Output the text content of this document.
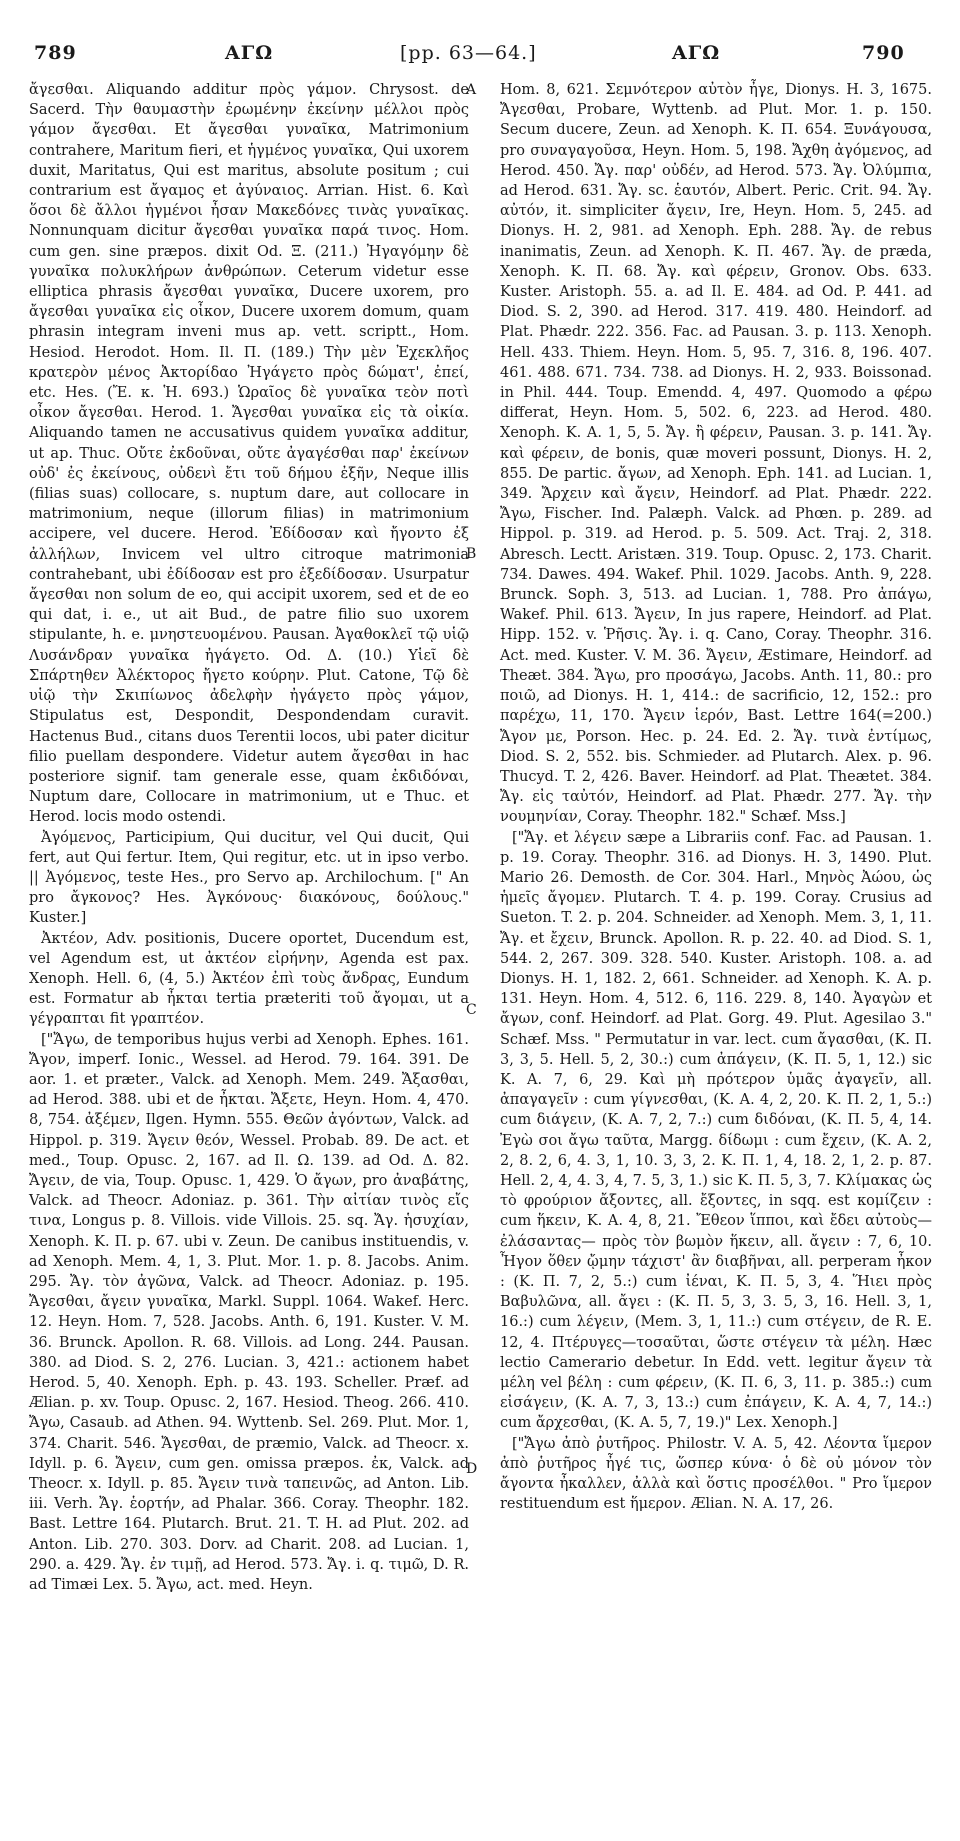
789	ΑΓΩ	[pp. 63—64.]	ΑΓΩ	790
A
B
C
D

ἄγεσθαι. Aliquando additur πρὸς γάμον. Chrysost. de Sacerd. Τὴν θαυμαστὴν ἐρωμένην ἐκείνην μέλλοι πρὸς γάμον ἄγεσθαι. Et ἄγεσθαι γυναῖκα, Matrimonium contrahere, Maritum fieri, et ἡγμένος γυναῖκα, Qui uxorem duxit, Maritatus, Qui est maritus, absolute positum ; cui contrarium est ἄγαμος et ἀγύναιος. Arrian. Hist. 6. Καὶ ὅσοι δὲ ἄλλοι ἠγμένοι ἦσαν Μακεδόνες τινὰς γυναῖκας. Nonnunquam dicitur ἄγεσθαι γυναῖκα παρά τινος. Hom. cum gen. sine præpos. dixit Od. Ξ. (211.) Ἠγαγόμην δὲ γυναῖκα πολυκλήρων ἀνθρώπων. Ceterum videtur esse elliptica phrasis ἄγεσθαι γυναῖκα, Ducere uxorem, pro ἄγεσθαι γυναῖκα εἰς οἶκον, Ducere uxorem domum, quam phrasin integram inveni mus ap. vett. scriptt., Hom. Hesiod. Herodot. Hom. Il. Π. (189.) Τὴν μὲν Ἐχεκλῆος κρατερὸν μένος Ἀκτορίδαο Ἠγάγετο πρὸς δώματ', ἐπεί, etc. Hes. (Ἔ. κ. Ἡ. 693.) Ὡραῖος δὲ γυναῖκα τεὸν ποτὶ οἶκον ἄγεσθαι. Herod. 1. Ἄγεσθαι γυναῖκα εἰς τὰ οἰκία. Aliquando tamen ne accusativus quidem γυναῖκα additur, ut ap. Thuc. Οὔτε ἐκδοῦναι, οὔτε ἀγαγέσθαι παρ' ἐκείνων οὐδ' ἐς ἐκείνους, οὐδενὶ ἔτι τοῦ δήμου ἐξῆν, Neque illis (filias suas) collocare, s. nuptum dare, aut collocare in matrimonium, neque (illorum filias) in matrimonium accipere, vel ducere. Herod. Ἐδίδοσαν καὶ ἤγοντο ἐξ ἀλλήλων, Invicem vel ultro citroque matrimonia contrahebant, ubi ἐδίδοσαν est pro ἐξεδίδοσαν. Usurpatur ἄγεσθαι non solum de eo, qui accipit uxorem, sed et de eo qui dat, i. e., ut ait Bud., de patre filio suo uxorem stipulante, h. e. μνηστευομένου. Pausan. Ἀγαθοκλεῖ τῷ υἱῷ Λυσάνδραν γυναῖκα ἠγάγετο. Od. Δ. (10.) Υἱεῖ δὲ Σπάρτηθεν Ἀλέκτορος ἤγετο κούρην. Plut. Catone, Τῷ δὲ υἱῷ τὴν Σκιπίωνος ἀδελφὴν ἠγάγετο πρὸς γάμον, Stipulatus est, Despondit, Despondendam curavit. Hactenus Bud., citans duos Terentii locos, ubi pater dicitur filio puellam despondere. Videtur autem ἄγεσθαι in hac posteriore signif. tam generale esse, quam ἐκδιδόναι, Nuptum dare, Collocare in matrimonium, ut e Thuc. et Herod. locis modo ostendi.

Ἀγόμενος, Participium, Qui ducitur, vel Qui ducit, Qui fert, aut Qui fertur. Item, Qui regitur, etc. ut in ipso verbo. || Ἀγόμενος, teste Hes., pro Servo ap. Archilochum. [" An pro ἄγκονος? Hes. Ἀγκόνους· διακόνους, δούλους." Kuster.]

Ἀκτέον, Adv. positionis, Ducere oportet, Ducendum est, vel Agendum est, ut ἀκτέον εἰρήνην, Agenda est pax. Xenoph. Hell. 6, (4, 5.) Ἀκτέον ἐπὶ τοὺς ἄνδρας, Eundum est. Formatur ab ἦκται tertia præteriti τοῦ ἄγομαι, ut a γέγραπται fit γραπτέον.

["Ἄγω, de temporibus hujus verbi ad Xenoph. Ephes. 161. Ἄγον, imperf. Ionic., Wessel. ad Herod. 79. 164. 391. De aor. 1. et præter., Valck. ad Xenoph. Mem. 249. Ἄξασθαι, ad Herod. 388. ubi et de ἦκται. Ἄξετε, Heyn. Hom. 4, 470. 8, 754. ἀξέμεν, Ilgen. Hymn. 555. Θεῶν ἀγόντων, Valck. ad Hippol. p. 319. Ἄγειν θεόν, Wessel. Probab. 89. De act. et med., Toup. Opusc. 2, 167. ad Il. Ω. 139. ad Od. Δ. 82. Ἄγειν, de via, Toup. Opusc. 1, 429. Ὁ ἄγων, pro ἀναβάτης, Valck. ad Theocr. Adoniaz. p. 361. Τὴν αἰτίαν τινὸς εἴς τινα, Longus p. 8. Villois. vide Villois. 25. sq. Ἄγ. ἡσυχίαν, Xenoph. K. Π. p. 67. ubi v. Zeun. De canibus instituendis, v. ad Xenoph. Mem. 4, 1, 3. Plut. Mor. 1. p. 8. Jacobs. Anim. 295. Ἄγ. τὸν ἀγῶνα, Valck. ad Theocr. Adoniaz. p. 195. Ἄγεσθαι, ἄγειν γυναῖκα, Markl. Suppl. 1064. Wakef. Herc. 12. Heyn. Hom. 7, 528. Jacobs. Anth. 6, 191. Kuster. V. M. 36. Brunck. Apollon. R. 68. Villois. ad Long. 244. Pausan. 380. ad Diod. S. 2, 276. Lucian. 3, 421.: actionem habet Herod. 5, 40. Xenoph. Eph. p. 43. 193. Scheller. Præf. ad Ælian. p. xv. Toup. Opusc. 2, 167. Hesiod. Theog. 266. 410. Ἄγω, Casaub. ad Athen. 94. Wyttenb. Sel. 269. Plut. Mor. 1, 374. Charit. 546. Ἄγεσθαι, de præmio, Valck. ad Theocr. x. Idyll. p. 6. Ἄγειν, cum gen. omissa præpos. ἐκ, Valck. ad Theocr. x. Idyll. p. 85. Ἄγειν τινὰ ταπεινῶς, ad Anton. Lib. iii. Verh. Ἄγ. ἑορτήν, ad Phalar. 366. Coray. Theophr. 182. Bast. Lettre 164. Plutarch. Brut. 21. T. H. ad Plut. 202. ad Anton. Lib. 270. 303. Dorv. ad Charit. 208. ad Lucian. 1, 290. a. 429. Ἄγ. ἐν τιμῇ, ad Herod. 573. Ἄγ. i. q. τιμῶ, D. R. ad Timæi Lex. 5. Ἄγω, act. med. Heyn.

Hom. 8, 621. Σεμνότερον αὐτὸν ἦγε, Dionys. H. 3, 1675. Ἄγεσθαι, Probare, Wyttenb. ad Plut. Mor. 1. p. 150. Secum ducere, Zeun. ad Xenoph. K. Π. 654. Ξυνάγουσα, pro συναγαγοῦσα, Heyn. Hom. 5, 198. Ἄχθη ἀγόμενος, ad Herod. 450. Ἄγ. παρ' οὐδέν, ad Herod. 573. Ἄγ. Ὀλύμπια, ad Herod. 631. Ἄγ. sc. ἑαυτόν, Albert. Peric. Crit. 94. Ἄγ. αὐτόν, it. simpliciter ἄγειν, Ire, Heyn. Hom. 5, 245. ad Dionys. H. 2, 981. ad Xenoph. Eph. 288. Ἄγ. de rebus inanimatis, Zeun. ad Xenoph. K. Π. 467. Ἄγ. de præda, Xenoph. K. Π. 68. Ἄγ. καὶ φέρειν, Gronov. Obs. 633. Kuster. Aristoph. 55. a. ad Il. E. 484. ad Od. P. 441. ad Diod. S. 2, 390. ad Herod. 317. 419. 480. Heindorf. ad Plat. Phædr. 222. 356. Fac. ad Pausan. 3. p. 113. Xenoph. Hell. 433. Thiem. Heyn. Hom. 5, 95. 7, 316. 8, 196. 407. 461. 488. 671. 734. 738. ad Dionys. H. 2, 933. Boissonad. in Phil. 444. Toup. Emendd. 4, 497. Quomodo a φέρω differat, Heyn. Hom. 5, 502. 6, 223. ad Herod. 480. Xenoph. K. A. 1, 5, 5. Ἄγ. ἢ φέρειν, Pausan. 3. p. 141. Ἄγ. καὶ φέρειν, de bonis, quæ moveri possunt, Dionys. H. 2, 855. De partic. ἄγων, ad Xenoph. Eph. 141. ad Lucian. 1, 349. Ἄρχειν καὶ ἄγειν, Heindorf. ad Plat. Phædr. 222. Ἄγω, Fischer. Ind. Palæph. Valck. ad Phœn. p. 289. ad Hippol. p. 319. ad Herod. p. 5. 509. Act. Traj. 2, 318. Abresch. Lectt. Aristæn. 319. Toup. Opusc. 2, 173. Charit. 734. Dawes. 494. Wakef. Phil. 1029. Jacobs. Anth. 9, 228. Brunck. Soph. 3, 513. ad Lucian. 1, 788. Pro ἀπάγω, Wakef. Phil. 613. Ἄγειν, In jus rapere, Heindorf. ad Plat. Hipp. 152. v. Ῥῆσις. Ἄγ. i. q. Cano, Coray. Theophr. 316. Act. med. Kuster. V. M. 36. Ἄγειν, Æstimare, Heindorf. ad Theæt. 384. Ἄγω, pro προσάγω, Jacobs. Anth. 11, 80.: pro ποιῶ, ad Dionys. H. 1, 414.: de sacrificio, 12, 152.: pro παρέχω, 11, 170. Ἄγειν ἱερόν, Bast. Lettre 164(=200.) Ἄγον με, Porson. Hec. p. 24. Ed. 2. Ἄγ. τινὰ ἐντίμως, Diod. S. 2, 552. bis. Schmieder. ad Plutarch. Alex. p. 96. Thucyd. T. 2, 426. Baver. Heindorf. ad Plat. Theætet. 384. Ἄγ. εἰς ταὐτόν, Heindorf. ad Plat. Phædr. 277. Ἄγ. τὴν νουμηνίαν, Coray. Theophr. 182." Schæf. Mss.]

["Ἄγ. et λέγειν sæpe a Librariis conf. Fac. ad Pausan. 1. p. 19. Coray. Theophr. 316. ad Dionys. H. 3, 1490. Plut. Mario 26. Demosth. de Cor. 304. Harl., Μηνὸς Ἀώου, ὡς ἡμεῖς ἄγομεν. Plutarch. T. 4. p. 199. Coray. Crusius ad Sueton. T. 2. p. 204. Schneider. ad Xenoph. Mem. 3, 1, 11. Ἄγ. et ἔχειν, Brunck. Apollon. R. p. 22. 40. ad Diod. S. 1, 544. 2, 267. 309. 328. 540. Kuster. Aristoph. 108. a. ad Dionys. H. 1, 182. 2, 661. Schneider. ad Xenoph. K. A. p. 131. Heyn. Hom. 4, 512. 6, 116. 229. 8, 140. Ἀγαγὼν et ἄγων, conf. Heindorf. ad Plat. Gorg. 49. Plut. Agesilao 3." Schæf. Mss. " Permutatur in var. lect. cum ἄγασθαι, (K. Π. 3, 3, 5. Hell. 5, 2, 30.:) cum ἀπάγειν, (K. Π. 5, 1, 12.) sic K. A. 7, 6, 29. Καὶ μὴ πρότερον ὑμᾶς ἀγαγεῖν, all. ἀπαγαγεῖν : cum γίγνεσθαι, (K. A. 4, 2, 20. K. Π. 2, 1, 5.:) cum διάγειν, (K. A. 7, 2, 7.:) cum διδόναι, (K. Π. 5, 4, 14. Ἐγὼ σοι ἄγω ταῦτα, Margg. δίδωμι : cum ἔχειν, (K. A. 2, 2, 8. 2, 6, 4. 3, 1, 10. 3, 3, 2. K. Π. 1, 4, 18. 2, 1, 2. p. 87. Hell. 2, 4, 4. 3, 4, 7. 5, 3, 1.) sic K. Π. 5, 3, 7. Κλίμακας ὡς τὸ φρούριον ἄξοντες, all. ἔξοντες, in sqq. est κομίζειν : cum ἥκειν, K. A. 4, 8, 21. Ἔθεον ἵπποι, καὶ ἔδει αὐτοὺς—ἐλάσαντας— πρὸς τὸν βωμὸν ἥκειν, all. ἄγειν : 7, 6, 10. Ἦγον ὅθεν ᾤμην τάχιστ' ἂν διαβῆναι, all. perperam ἦκον : (K. Π. 7, 2, 5.:) cum ἰέναι, K. Π. 5, 3, 4. Ἥιει πρὸς Βαβυλῶνα, all. ἄγει : (K. Π. 5, 3, 3. 5, 3, 16. Hell. 3, 1, 16.:) cum λέγειν, (Mem. 3, 1, 11.:) cum στέγειν, de R. E. 12, 4. Πτέρυγες—τοσαῦται, ὥστε στέγειν τὰ μέλη. Hæc lectio Camerario debetur. In Edd. vett. legitur ἄγειν τὰ μέλη vel βέλη : cum φέρειν, (K. Π. 6, 3, 11. p. 385.:) cum εἰσάγειν, (K. A. 7, 3, 13.:) cum ἐπάγειν, K. A. 4, 7, 14.:) cum ἄρχεσθαι, (K. A. 5, 7, 19.)" Lex. Xenoph.]

["Ἄγω ἀπὸ ῥυτῆρος. Philostr. V. A. 5, 42. Λέοντα ἵμερον ἀπὸ ῥυτῆρος ἦγέ τις, ὥσπερ κύνα· ὁ δὲ οὐ μόνον τὸν ἄγοντα ἦκαλλεν, ἀλλὰ καὶ ὅστις προσέλθοι. " Pro ἵμερον restituendum est ἥμερον. Ælian. N. A. 17, 26.
